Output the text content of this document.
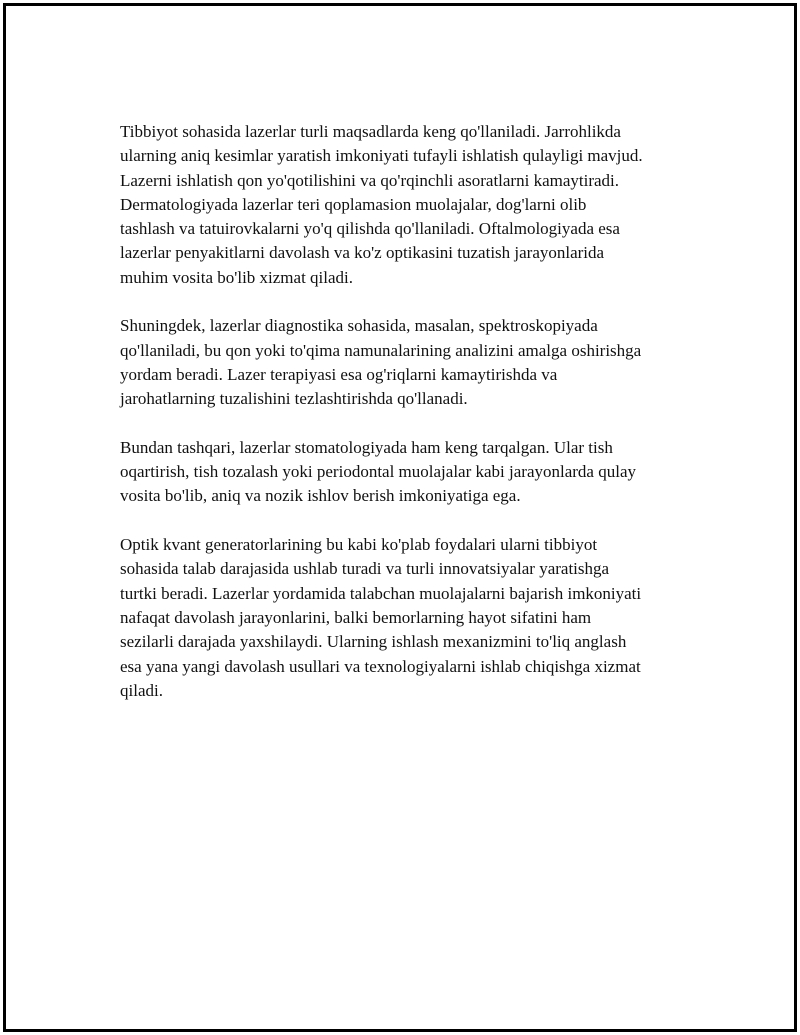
Tibbiyot sohasida lazerlar turli maqsadlarda keng qo'llaniladi. Jarrohlikda
ularning aniq kesimlar yaratish imkoniyati tufayli ishlatish qulayligi mavjud.
Lazerni ishlatish qon yo'qotilishini va qo'rqinchli asoratlarni kamaytiradi.
Dermatologiyada lazerlar teri qoplamasion muolajalar, dog'larni olib
tashlash va tatuirovkalarni yo'q qilishda qo'llaniladi. Oftalmologiyada esa
lazerlar penyakitlarni davolash va ko'z optikasini tuzatish jarayonlarida
muhim vosita bo'lib xizmat qiladi.

Shuningdek, lazerlar diagnostika sohasida, masalan, spektroskopiyada
qo'llaniladi, bu qon yoki to'qima namunalarining analizini amalga oshirishga
yordam beradi. Lazer terapiyasi esa og'riqlarni kamaytirishda va
jarohatlarning tuzalishini tezlashtirishda qo'llanadi.

Bundan tashqari, lazerlar stomatologiyada ham keng tarqalgan. Ular tish
oqartirish, tish tozalash yoki periodontal muolajalar kabi jarayonlarda qulay
vosita bo'lib, aniq va nozik ishlov berish imkoniyatiga ega.

Optik kvant generatorlarining bu kabi ko'plab foydalari ularni tibbiyot
sohasida talab darajasida ushlab turadi va turli innovatsiyalar yaratishga
turtki beradi. Lazerlar yordamida talabchan muolajalarni bajarish imkoniyati
nafaqat davolash jarayonlarini, balki bemorlarning hayot sifatini ham
sezilarli darajada yaxshilaydi. Ularning ishlash mexanizmini to'liq anglash
esa yana yangi davolash usullari va texnologiyalarni ishlab chiqishga xizmat
qiladi.
